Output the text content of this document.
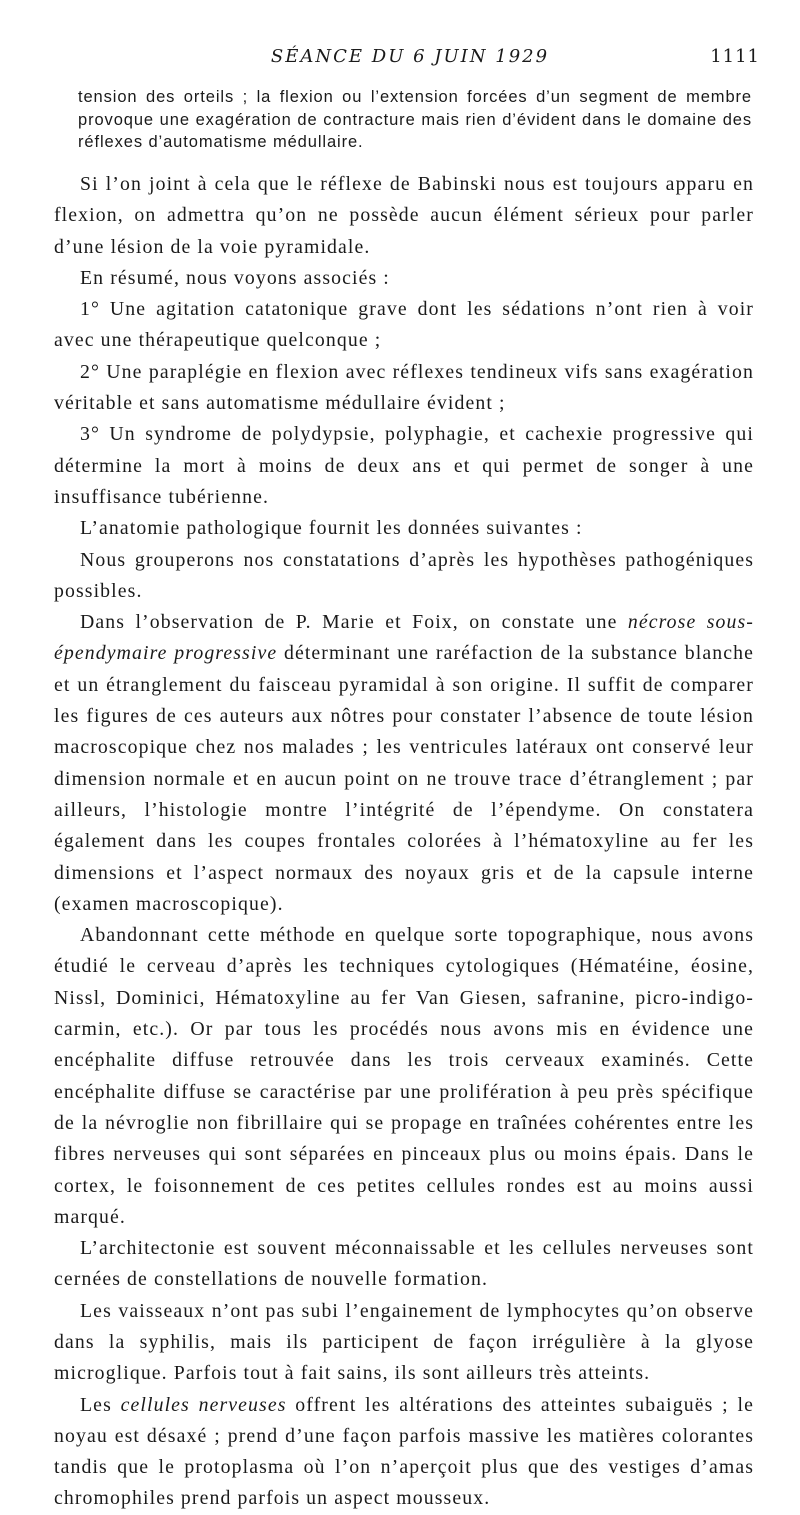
SÉANCE DU 6 JUIN 1929	1111

tension des orteils ; la flexion ou l’extension forcées d’un segment de membre provoque une exagération de contracture mais rien d’évident dans le domaine des réflexes d’automatisme médullaire.

Si l’on joint à cela que le réflexe de Babinski nous est toujours apparu en flexion, on admettra qu’on ne possède aucun élément sérieux pour parler d’une lésion de la voie pyramidale.

En résumé, nous voyons associés :

1° Une agitation catatonique grave dont les sédations n’ont rien à voir avec une thérapeutique quelconque ;

2° Une paraplégie en flexion avec réflexes tendineux vifs sans exagération véritable et sans automatisme médullaire évident ;

3° Un syndrome de polydypsie, polyphagie, et cachexie progressive qui détermine la mort à moins de deux ans et qui permet de songer à une insuffisance tubérienne.

L’anatomie pathologique fournit les données suivantes :

Nous grouperons nos constatations d’après les hypothèses pathogéniques possibles.

Dans l’observation de P. Marie et Foix, on constate une nécrose sous-épendymaire progressive déterminant une raréfaction de la substance blanche et un étranglement du faisceau pyramidal à son origine. Il suffit de comparer les figures de ces auteurs aux nôtres pour constater l’absence de toute lésion macroscopique chez nos malades ; les ventricules latéraux ont conservé leur dimension normale et en aucun point on ne trouve trace d’étranglement ; par ailleurs, l’histologie montre l’intégrité de l’épendyme. On constatera également dans les coupes frontales colorées à l’hématoxyline au fer les dimensions et l’aspect normaux des noyaux gris et de la capsule interne (examen macroscopique).

Abandonnant cette méthode en quelque sorte topographique, nous avons étudié le cerveau d’après les techniques cytologiques (Hématéine, éosine, Nissl, Dominici, Hématoxyline au fer Van Giesen, safranine, picro-indigo-carmin, etc.). Or par tous les procédés nous avons mis en évidence une encéphalite diffuse retrouvée dans les trois cerveaux examinés. Cette encéphalite diffuse se caractérise par une prolifération à peu près spécifique de la névroglie non fibrillaire qui se propage en traînées cohérentes entre les fibres nerveuses qui sont séparées en pinceaux plus ou moins épais. Dans le cortex, le foisonnement de ces petites cellules rondes est au moins aussi marqué.

L’architectonie est souvent méconnaissable et les cellules nerveuses sont cernées de constellations de nouvelle formation.

Les vaisseaux n’ont pas subi l’engainement de lymphocytes qu’on observe dans la syphilis, mais ils participent de façon irrégulière à la glyose microglique. Parfois tout à fait sains, ils sont ailleurs très atteints.

Les cellules nerveuses offrent les altérations des atteintes subaiguës ; le noyau est désaxé ; prend d’une façon parfois massive les matières colorantes tandis que le protoplasma où l’on n’aperçoit plus que des vestiges d’amas chromophiles prend parfois un aspect mousseux.
